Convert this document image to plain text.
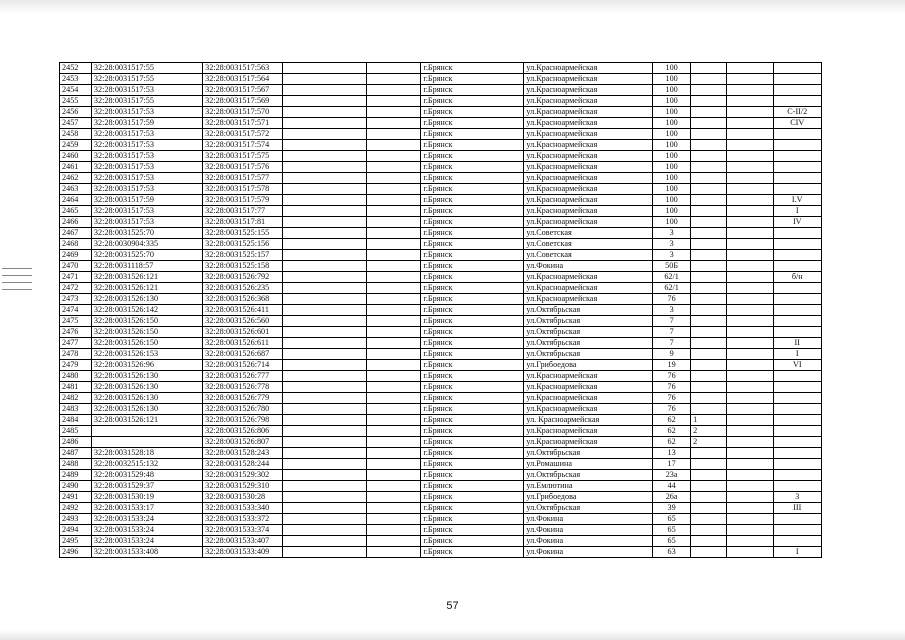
2452	32:28:0031517:55	32:28:0031517:563			г.Брянск	ул.Красноармейская	100			
2453	32:28:0031517:55	32:28:0031517:564			г.Брянск	ул.Красноармейская	100			
2454	32:28:0031517:53	32:28:0031517:567			г.Брянск	ул.Красноармейская	100			
2455	32:28:0031517:55	32:28:0031517:569			г.Брянск	ул.Красноармейская	100			
2456	32:28:0031517:53	32:28:0031517:570			г.Брянск	ул.Красноармейская	100			С-II/2
2457	32:28:0031517:59	32:28:0031517:571			г.Брянск	ул.Красноармейская	100			CIV
2458	32:28:0031517:53	32:28:0031517:572			г.Брянск	ул.Красноармейская	100			
2459	32:28:0031517:53	32:28:0031517:574			г.Брянск	ул.Красноармейская	100			
2460	32:28:0031517:53	32:28:0031517:575			г.Брянск	ул.Красноармейская	100			
2461	32:28:0031517:53	32:28:0031517:576			г.Брянск	ул.Красноармейская	100			
2462	32:28:0031517:53	32:28:0031517:577			г.Брянск	ул.Красноармейская	100			
2463	32:28:0031517:53	32:28:0031517:578			г.Брянск	ул.Красноармейская	100			
2464	32:28:0031517:59	32:28:0031517:579			г.Брянск	ул.Красноармейская	100			I.V
2465	32:28:0031517:53	32:28:0031517:77			г.Брянск	ул.Красноармейская	100			I
2466	32:28:0031517:53	32:28:0031517:81			г.Брянск	ул.Красноармейская	100			IV
2467	32:28:0031525:70	32:28:0031525:155			г.Брянск	ул.Советская	3			
2468	32:28:0030904:335	32:28:0031525:156			г.Брянск	ул.Советская	3			
2469	32:28:0031525:70	32:28:0031525:157			г.Брянск	ул.Советская	3			
2470	32:28:0031118:57	32:28:0031525:158			г.Брянск	ул.Фокина	50Б			
2471	32:28:0031526:121	32:28:0031526:792			г.Брянск	ул.Красноармейская	62/1			б/н
2472	32:28:0031526:121	32:28:0031526:235			г.Брянск	ул.Красноармейская	62/1			
2473	32:28:0031526:130	32:28:0031526:368			г.Брянск	ул.Красноармейская	76			
2474	32:28:0031526:142	32:28:0031526:411			г.Брянск	ул.Октябрьская	3			
2475	32:28:0031526:150	32:28:0031526:560			г.Брянск	ул.Октябрьская	7			
2476	32:28:0031526:150	32:28:0031526:601			г.Брянск	ул.Октябрьская	7			
2477	32:28:0031526:150	32:28:0031526:611			г.Брянск	ул.Октябрьская	7			II
2478	32:28:0031526:153	32:28:0031526:687			г.Брянск	ул.Октябрьская	9			I
2479	32:28:0031526:96	32:28:0031526:714			г.Брянск	ул.Грибоедова	19			VI
2480	32:28:0031526:130	32:28:0031526:777			г.Брянск	ул.Красноармейская	76			
2481	32:28:0031526:130	32:28:0031526:778			г.Брянск	ул.Красноармейская	76			
2482	32:28:0031526:130	32:28:0031526:779			г.Брянск	ул.Красноармейская	76			
2483	32:28:0031526:130	32:28:0031526:780			г.Брянск	ул.Красноармейская	76			
2484	32:28:0031526:121	32:28:0031526:798			г.Брянск	ул. Красноармейская	62	1		
2485		32:28:0031526:806			г.Брянск	ул.Красноармейская	62	2		
2486		32:28:0031526:807			г.Брянск	ул.Красноармейская	62	2		
2487	32:28:0031528:18	32:28:0031528:243			г.Брянск	ул.Октябрьская	13			
2488	32:28:0032515:132	32:28:0031528:244			г.Брянск	ул.Ромашина	17			
2489	32:28:0031529:48	32:28:0031529:302			г.Брянск	ул.Октябрьская	23а			
2490	32:28:0031529:37	32:28:0031529:310			г.Брянск	ул.Емлютина	44			
2491	32:28:0031530:19	32:28:0031530:28			г.Брянск	ул.Грибоедова	26а			3
2492	32:28:0031533:17	32:28:0031533:340			г.Брянск	ул.Октябрьская	39			III
2493	32:28:0031533:24	32:28:0031533:372			г.Брянск	ул.Фокина	65			
2494	32:28:0031533:24	32:28:0031533:374			г.Брянск	ул.Фокина	65			
2495	32:28:0031533:24	32:28:0031533:407			г.Брянск	ул.Фокина	65			
2496	32:28:0031533:408	32:28:0031533:409			г.Брянск	ул.Фокина	63			I
57
